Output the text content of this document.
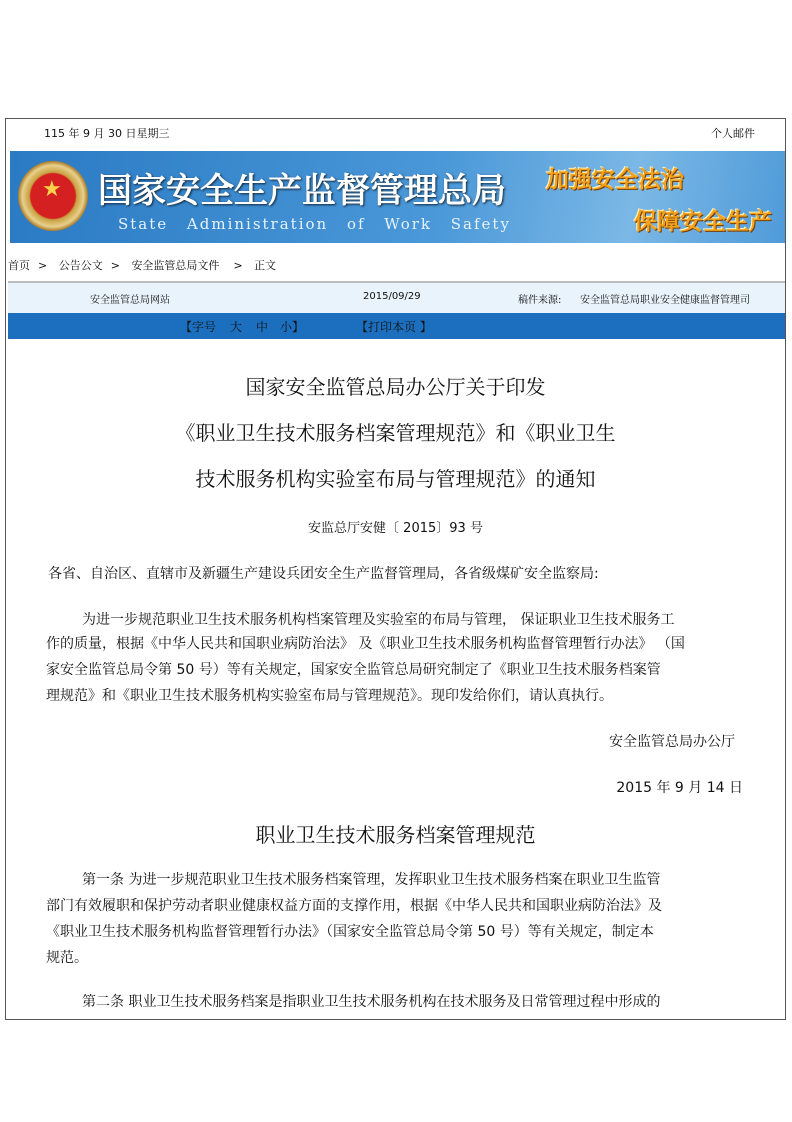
115 年 9 月 30 日星期三	个人邮件
★ 国家安全生产监督管理总局
State Administration of Work Safety
加强安全法治
保障安全生产
首页 > 公告公文 > 安全监管总局文件 > 正文
安全监管总局网站	2015/09/29	稿件来源: 安全监管总局职业安全健康监督管理司
【字号 大 中 小】	【打印本页 】
国家安全监管总局办公厅关于印发
《职业卫生技术服务档案管理规范》和《职业卫生
技术服务机构实验室布局与管理规范》的通知
安监总厅安健〔 2015〕93 号
各省、自治区、直辖市及新疆生产建设兵团安全生产监督管理局，各省级煤矿安全监察局:
为进一步规范职业卫生技术服务机构档案管理及实验室的布局与管理， 保证职业卫生技术服务工
作的质量，根据《中华人民共和国职业病防治法》 及《职业卫生技术服务机构监督管理暂行办法》 （国
家安全监管总局令第 50 号）等有关规定，国家安全监管总局研究制定了《职业卫生技术服务档案管
理规范》和《职业卫生技术服务机构实验室布局与管理规范》。现印发给你们，请认真执行。
安全监管总局办公厅
2015 年 9 月 14 日
职业卫生技术服务档案管理规范
第一条 为进一步规范职业卫生技术服务档案管理，发挥职业卫生技术服务档案在职业卫生监管
部门有效履职和保护劳动者职业健康权益方面的支撑作用，根据《中华人民共和国职业病防治法》及
《职业卫生技术服务机构监督管理暂行办法》（国家安全监管总局令第 50 号）等有关规定，制定本
规范。
第二条 职业卫生技术服务档案是指职业卫生技术服务机构在技术服务及日常管理过程中形成的
